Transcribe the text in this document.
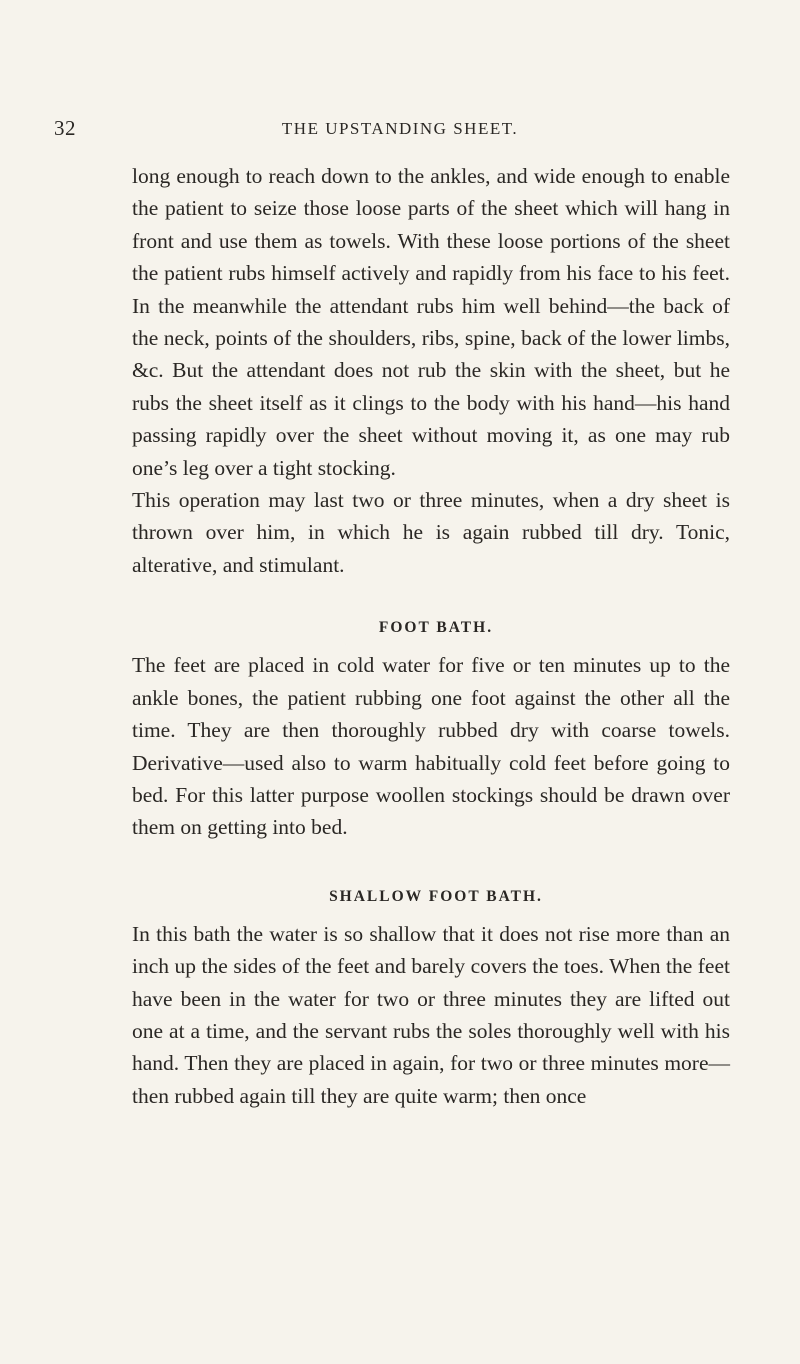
32	THE UPSTANDING SHEET.

long enough to reach down to the ankles, and wide enough to enable the patient to seize those loose parts of the sheet which will hang in front and use them as towels. With these loose portions of the sheet the patient rubs himself actively and rapidly from his face to his feet. In the meanwhile the attendant rubs him well behind—the back of the neck, points of the shoulders, ribs, spine, back of the lower limbs, &c. But the attendant does not rub the skin with the sheet, but he rubs the sheet itself as it clings to the body with his hand—his hand passing rapidly over the sheet without moving it, as one may rub one’s leg over a tight stocking.

This operation may last two or three minutes, when a dry sheet is thrown over him, in which he is again rubbed till dry. Tonic, alterative, and stimulant.

FOOT BATH.

The feet are placed in cold water for five or ten minutes up to the ankle bones, the patient rubbing one foot against the other all the time. They are then thoroughly rubbed dry with coarse towels. Derivative—used also to warm habitually cold feet before going to bed. For this latter purpose woollen stockings should be drawn over them on getting into bed.

SHALLOW FOOT BATH.

In this bath the water is so shallow that it does not rise more than an inch up the sides of the feet and barely covers the toes. When the feet have been in the water for two or three minutes they are lifted out one at a time, and the servant rubs the soles thoroughly well with his hand. Then they are placed in again, for two or three minutes more—then rubbed again till they are quite warm; then once
